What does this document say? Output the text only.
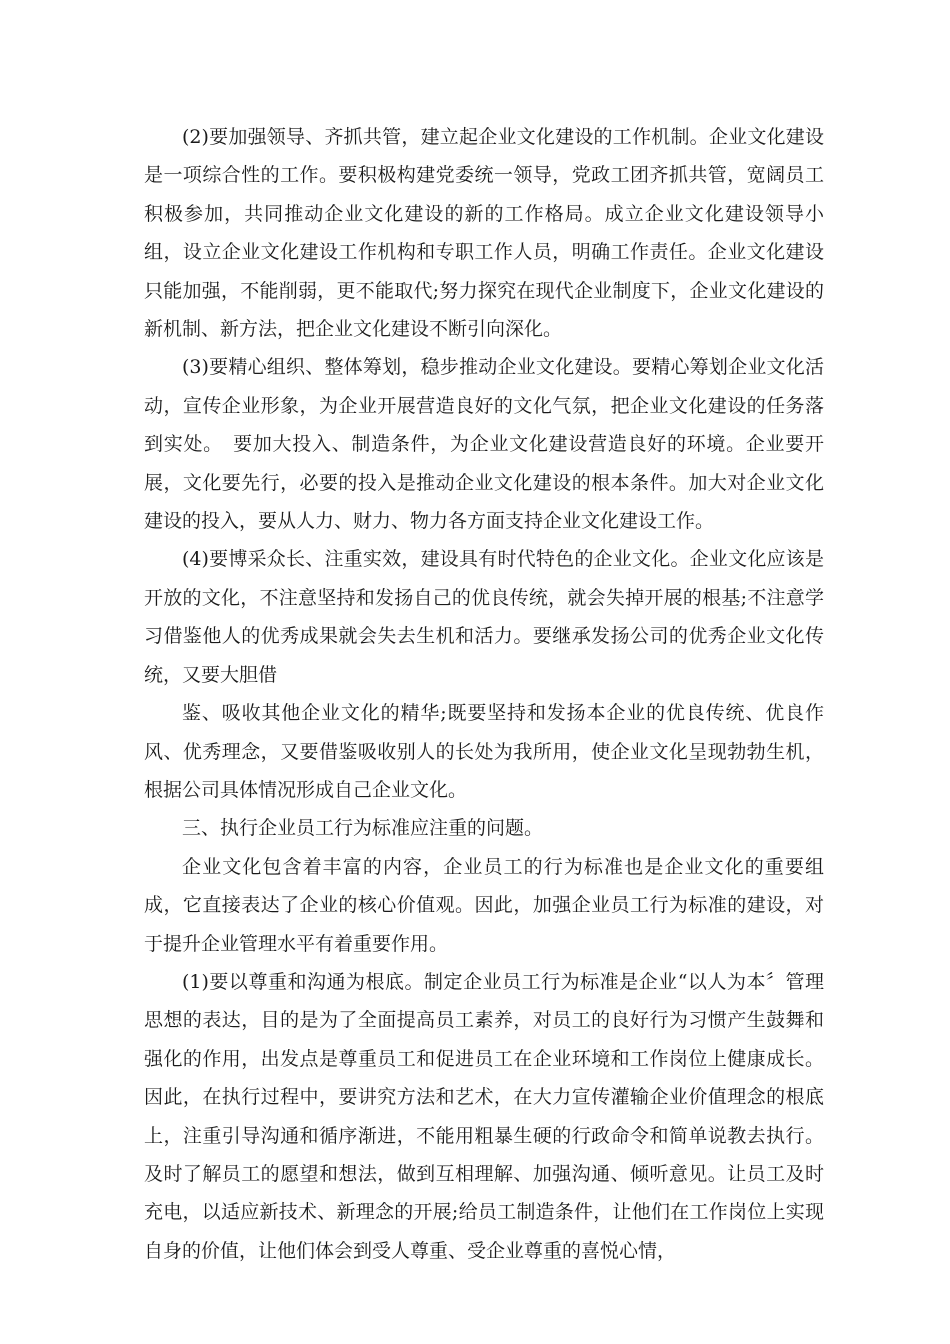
(2)要加强领导、齐抓共管，建立起企业文化建设的工作机制。企业文化建设是一项综合性的工作。要积极构建党委统一领导，党政工团齐抓共管，宽阔员工积极参加，共同推动企业文化建设的新的工作格局。成立企业文化建设领导小组，设立企业文化建设工作机构和专职工作人员，明确工作责任。企业文化建设只能加强，不能削弱，更不能取代;努力探究在现代企业制度下，企业文化建设的新机制、新方法，把企业文化建设不断引向深化。

(3)要精心组织、整体筹划，稳步推动企业文化建设。要精心筹划企业文化活动，宣传企业形象，为企业开展营造良好的文化气氛，把企业文化建设的任务落到实处。　要加大投入、制造条件，为企业文化建设营造良好的环境。企业要开展，文化要先行，必要的投入是推动企业文化建设的根本条件。加大对企业文化建设的投入，要从人力、财力、物力各方面支持企业文化建设工作。

(4)要博采众长、注重实效，建设具有时代特色的企业文化。企业文化应该是开放的文化，不注意坚持和发扬自己的优良传统，就会失掉开展的根基;不注意学习借鉴他人的优秀成果就会失去生机和活力。要继承发扬公司的优秀企业文化传统，又要大胆借

鉴、吸收其他企业文化的精华;既要坚持和发扬本企业的优良传统、优良作风、优秀理念，又要借鉴吸收别人的长处为我所用，使企业文化呈现勃勃生机，根据公司具体情况形成自己企业文化。

三、执行企业员工行为标准应注重的问题。

企业文化包含着丰富的内容，企业员工的行为标准也是企业文化的重要组成，它直接表达了企业的核心价值观。因此，加强企业员工行为标准的建设，对于提升企业管理水平有着重要作用。

(1)要以尊重和沟通为根底。制定企业员工行为标准是企业“以人为本〞管理思想的表达，目的是为了全面提高员工素养，对员工的良好行为习惯产生鼓舞和强化的作用，出发点是尊重员工和促进员工在企业环境和工作岗位上健康成长。因此，在执行过程中，要讲究方法和艺术，在大力宣传灌输企业价值理念的根底上，注重引导沟通和循序渐进，不能用粗暴生硬的行政命令和简单说教去执行。及时了解员工的愿望和想法，做到互相理解、加强沟通、倾听意见。让员工及时充电，以适应新技术、新理念的开展;给员工制造条件，让他们在工作岗位上实现自身的价值，让他们体会到受人尊重、受企业尊重的喜悦心情，
